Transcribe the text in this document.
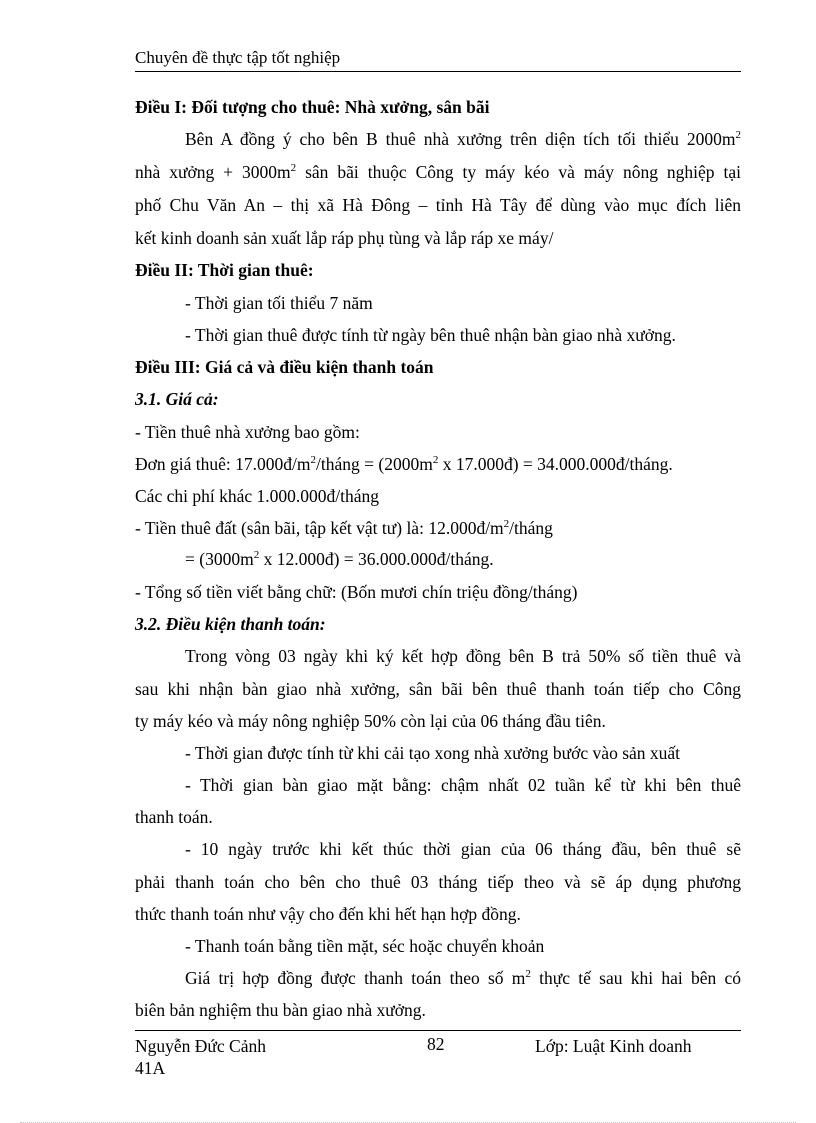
Chuyên đề thực tập tốt nghiệp
Điều I: Đối tượng cho thuê: Nhà xưởng, sân bãi
Bên A đồng ý cho bên B thuê nhà xưởng trên diện tích tối thiểu $2000m^2$
nhà xưởng + $3000m^2$ sân bãi thuộc Công ty máy kéo và máy nông nghiệp tại
phố Chu Văn An – thị xã Hà Đông – tỉnh Hà Tây để dùng vào mục đích liên
kết kinh doanh sản xuất lắp ráp phụ tùng và lắp ráp xe máy/
Điều II: Thời gian thuê:
- Thời gian tối thiểu 7 năm
- Thời gian thuê được tính từ ngày bên thuê nhận bàn giao nhà xưởng.
Điều III: Giá cả và điều kiện thanh toán
3.1. Giá cả:
- Tiền thuê nhà xưởng bao gồm:
Đơn giá thuê: $17.000đ/m^2$/tháng = ($2000m^2$ x 17.000đ) = 34.000.000đ/tháng.
Các chi phí khác 1.000.000đ/tháng
- Tiền thuê đất (sân bãi, tập kết vật tư) là: $12.000đ/m^2$/tháng
= ($3000m^2$ x 12.000đ) = 36.000.000đ/tháng.
- Tổng số tiền viết bằng chữ: (Bốn mươi chín triệu đồng/tháng)
3.2. Điều kiện thanh toán:
Trong vòng 03 ngày khi ký kết hợp đồng bên B trả 50% số tiền thuê và
sau khi nhận bàn giao nhà xưởng, sân bãi bên thuê thanh toán tiếp cho Công
ty máy kéo và máy nông nghiệp 50% còn lại của 06 tháng đầu tiên.
- Thời gian được tính từ khi cải tạo xong nhà xưởng bước vào sản xuất
- Thời gian bàn giao mặt bằng: chậm nhất 02 tuần kể từ khi bên thuê
thanh toán.
- 10 ngày trước khi kết thúc thời gian của 06 tháng đầu, bên thuê sẽ
phải thanh toán cho bên cho thuê 03 tháng tiếp theo và sẽ áp dụng phương
thức thanh toán như vậy cho đến khi hết hạn hợp đồng.
- Thanh toán bằng tiền mặt, séc hoặc chuyển khoản
Giá trị hợp đồng được thanh toán theo số $m^2$ thực tế sau khi hai bên có
biên bản nghiệm thu bàn giao nhà xưởng.
Nguyễn Đức Cảnh
41A
82	Lớp: Luật Kinh doanh
